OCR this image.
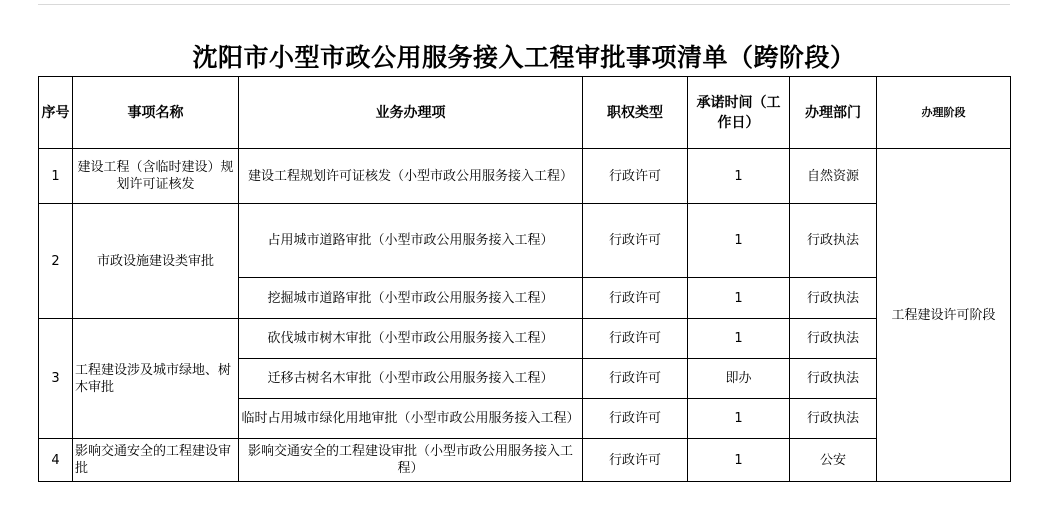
沈阳市小型市政公用服务接入工程审批事项清单（跨阶段）
序号	事项名称	业务办理项	职权类型	承诺时间（工作日）	办理部门	办理阶段
1	建设工程（含临时建设）规划许可证核发	建设工程规划许可证核发（小型市政公用服务接入工程）	行政许可	1	自然资源	工程建设许可阶段
2	市政设施建设类审批	占用城市道路审批（小型市政公用服务接入工程）	行政许可	1	行政执法	
		挖掘城市道路审批（小型市政公用服务接入工程）	行政许可	1	行政执法	
3	工程建设涉及城市绿地、树木审批	砍伐城市树木审批（小型市政公用服务接入工程）	行政许可	1	行政执法	
		迁移古树名木审批（小型市政公用服务接入工程）	行政许可	即办	行政执法	
		临时占用城市绿化用地审批（小型市政公用服务接入工程）	行政许可	1	行政执法	
4	影响交通安全的工程建设审批	影响交通安全的工程建设审批（小型市政公用服务接入工程）	行政许可	1	公安	
